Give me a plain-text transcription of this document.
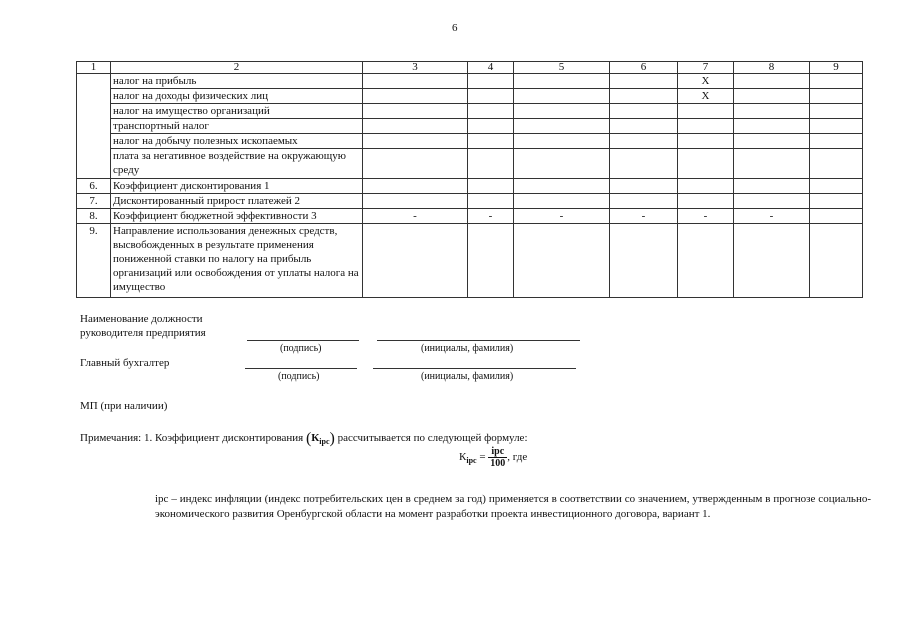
6
1	2	3	4	5	6	7	8	9
	налог на прибыль					X		
	налог на доходы физических лиц					X		
	налог на имущество организаций							
	транспортный налог							
	налог на добычу полезных ископаемых							
	плата за негативное воздействие на окружающую среду							
6.	Коэффициент дисконтирования 1							
7.	Дисконтированный прирост платежей 2							
8.	Коэффициент бюджетной эффективности 3	-	-	-	-	-	-	
9.	Направление использования денежных средств, высвобожденных в результате применения пониженной ставки по налогу на прибыль организаций или освобождения от уплаты налога на имущество							
Наименование должности
руководителя предприятия
(подпись)	(инициалы, фамилия)
Главный бухгалтер
(подпись)	(инициалы, фамилия)
МП (при наличии)
Примечания: 1. Коэффициент дисконтирования $(К_{ipc})$ рассчитывается по следующей формуле:
$К_{ipc} = \frac{\text{ipc}}{100}$ , где
ipc – индекс инфляции (индекс потребительских цен в среднем за год) применяется в соответствии со значением, утвержденным в прогнозе социально-экономического развития Оренбургской области на момент разработки проекта инвестиционного договора, вариант 1.
